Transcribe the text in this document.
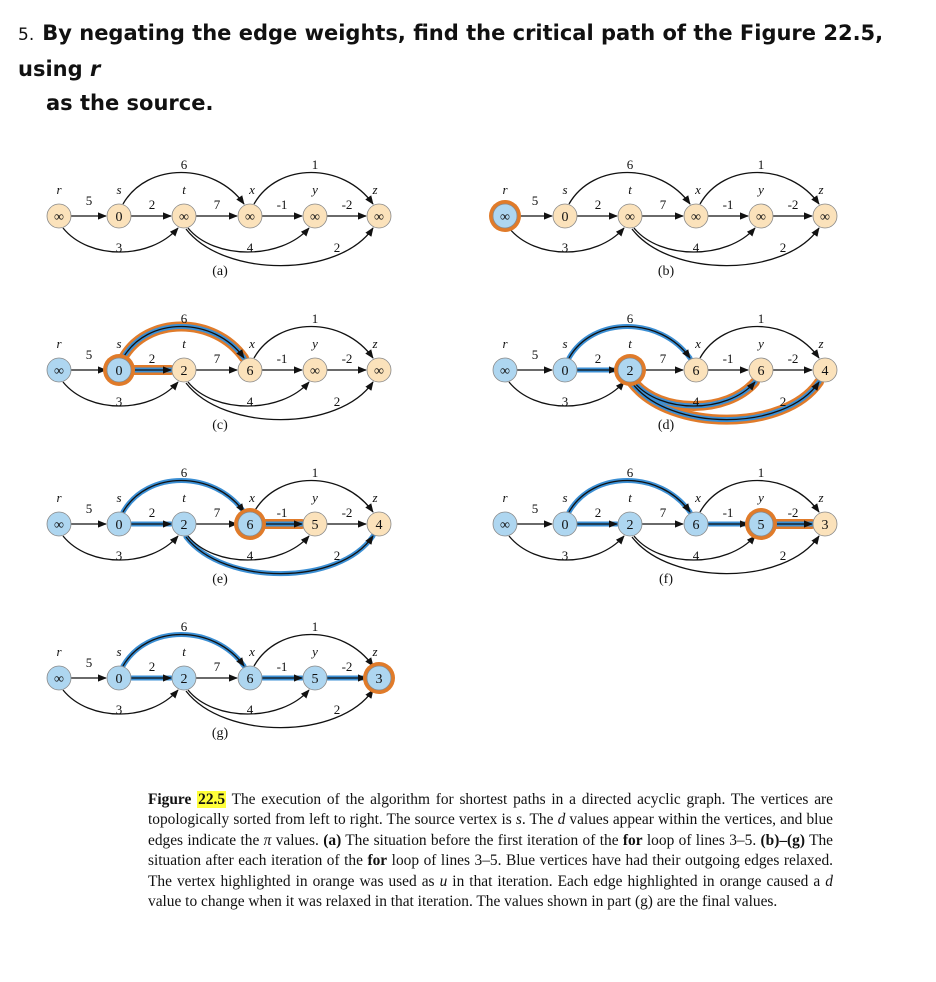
5. By negating the edge weights, find the critical path of the Figure 22.5, using r
as the source.
5	2	7	-1	-2
6	1
3	4	2
∞
r
0
s
∞
t
∞
x
∞
y
∞
z
(a)
5	2	7	-1	-2
6	1
3	4	2
∞
r
0
s
∞
t
∞
x
∞
y
∞
z
(b)
5	2	7	-1	-2
6	1
3	4	2
∞
r
0
s
2
t
6
x
∞
y
∞
z
(c)
5	2	7	-1	-2
6	1
3	4	2
∞
r
0
s
2
t
6
x
6
y
4
z
(d)
5	2	7	-1	-2
6	1
3	4	2
∞
r
0
s
2
t
6
x
5
y
4
z
(e)
5	2	7	-1	-2
6	1
3	4	2
∞
r
0
s
2
t
6
x
5
y
3
z
(f)
5	2	7	-1	-2
6	1
3	4	2
∞
r
0
s
2
t
6
x
5
y
3
z
(g)
Figure 22.5 The execution of the algorithm for shortest paths in a directed acyclic graph. The vertices are topologically sorted from left to right. The source vertex is s. The d values appear within the vertices, and blue edges indicate the π values. (a) The situation before the first iteration of the for loop of lines 3–5. (b)–(g) The situation after each iteration of the for loop of lines 3–5. Blue vertices have had their outgoing edges relaxed. The vertex highlighted in orange was used as u in that iteration. Each edge highlighted in orange caused a d value to change when it was relaxed in that iteration. The values shown in part (g) are the final values.
